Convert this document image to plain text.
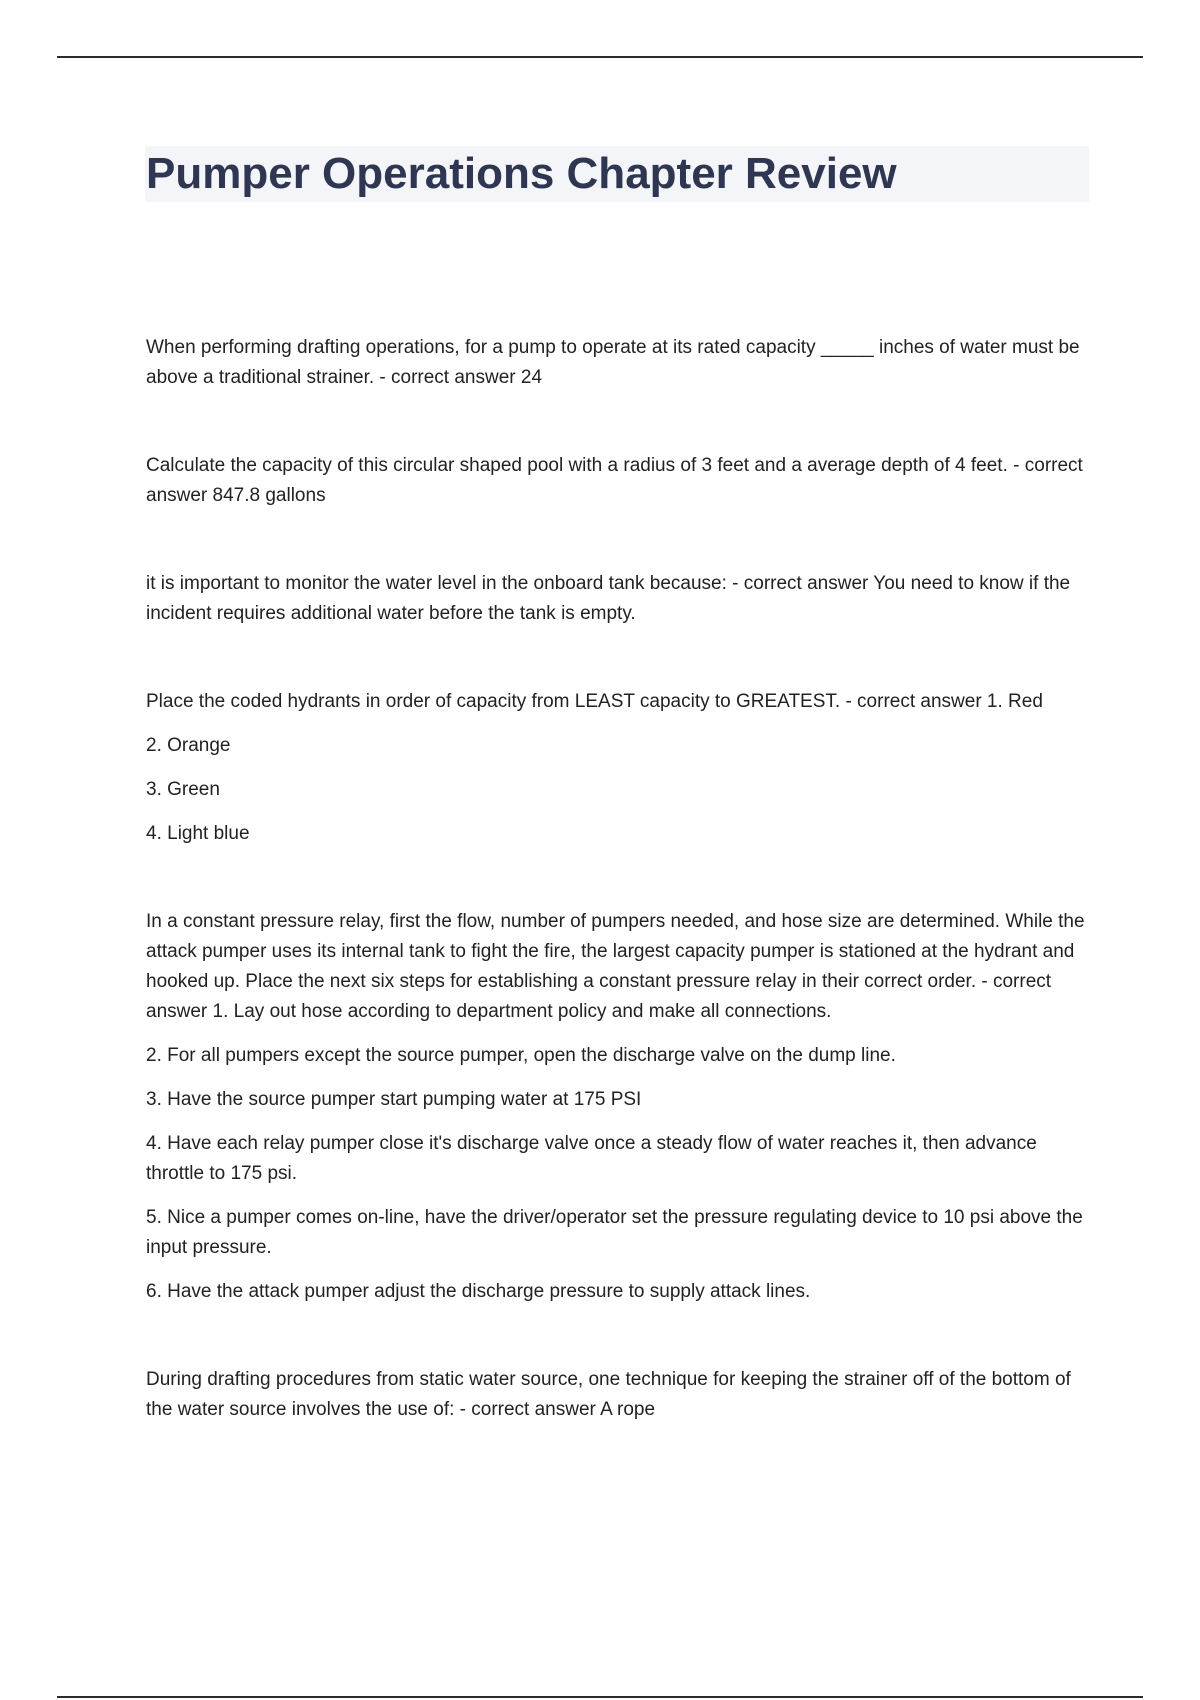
Pumper Operations Chapter Review

When performing drafting operations, for a pump to operate at its rated capacity _____ inches of water must be above a traditional strainer. - correct answer 24

Calculate the capacity of this circular shaped pool with a radius of 3 feet and a average depth of 4 feet. - correct answer 847.8 gallons

it is important to monitor the water level in the onboard tank because: - correct answer You need to know if the incident requires additional water before the tank is empty.

Place the coded hydrants in order of capacity from LEAST capacity to GREATEST. - correct answer 1. Red

2. Orange

3. Green

4. Light blue

In a constant pressure relay, first the flow, number of pumpers needed, and hose size are determined. While the attack pumper uses its internal tank to fight the fire, the largest capacity pumper is stationed at the hydrant and hooked up. Place the next six steps for establishing a constant pressure relay in their correct order. - correct answer 1. Lay out hose according to department policy and make all connections.

2. For all pumpers except the source pumper, open the discharge valve on the dump line.

3. Have the source pumper start pumping water at 175 PSI

4. Have each relay pumper close it's discharge valve once a steady flow of water reaches it, then advance throttle to 175 psi.

5. Nice a pumper comes on-line, have the driver/operator set the pressure regulating device to 10 psi above the input pressure.

6. Have the attack pumper adjust the discharge pressure to supply attack lines.

During drafting procedures from static water source, one technique for keeping the strainer off of the bottom of the water source involves the use of: - correct answer A rope
